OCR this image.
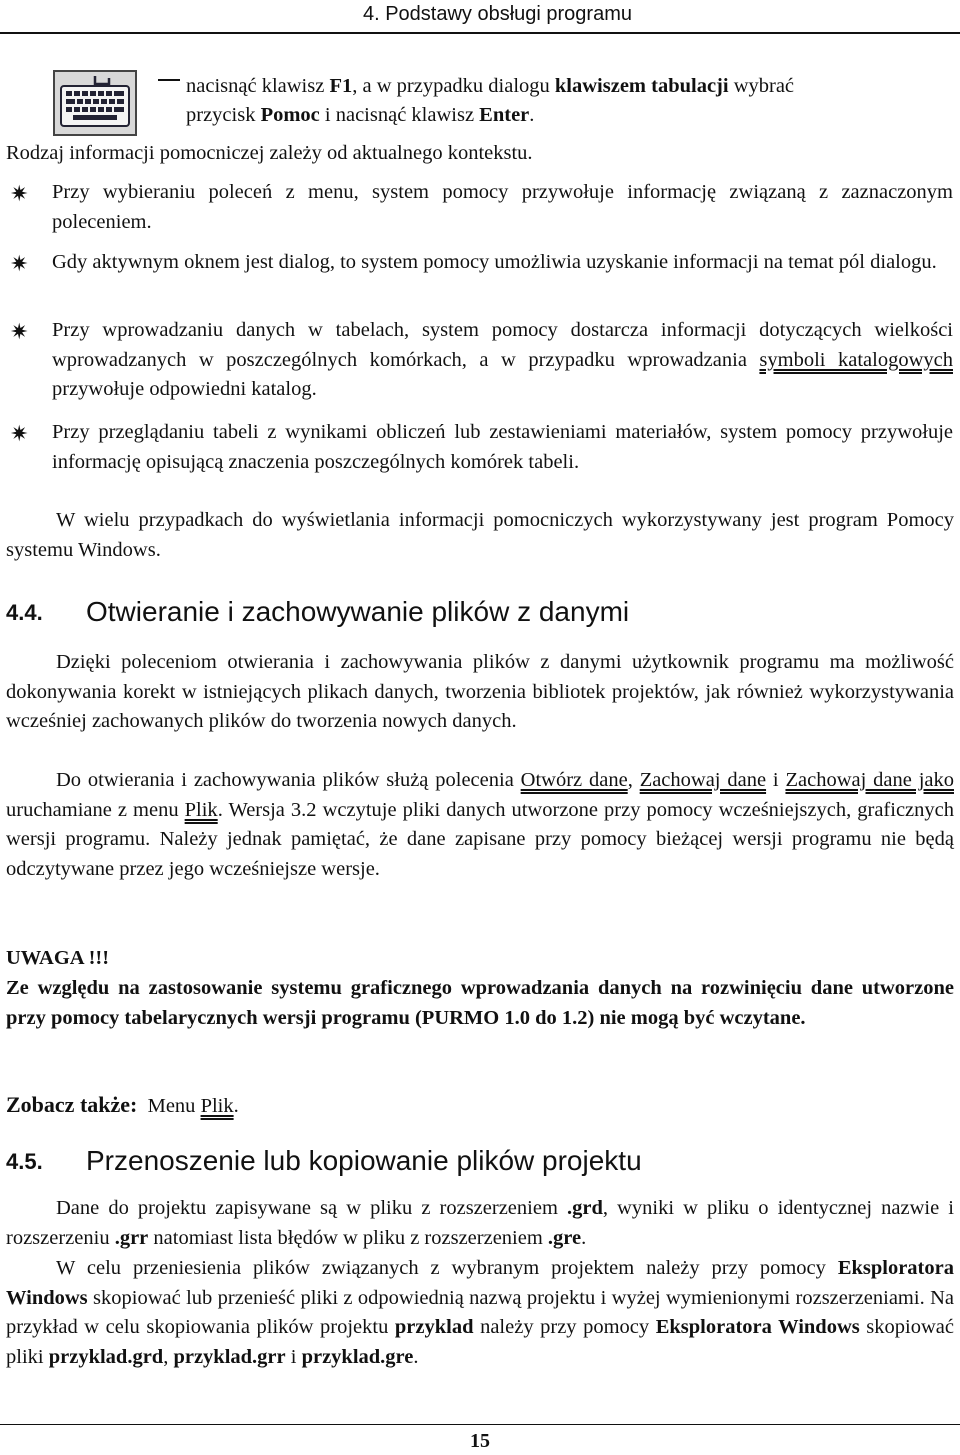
4. Podstawy obsługi programu
nacisnąć klawisz F1, a w przypadku dialogu klawiszem tabulacji wybrać
przycisk Pomoc i nacisnąć klawisz Enter.
Rodzaj informacji pomocniczej zależy od aktualnego kontekstu.
✷ Przy wybieraniu poleceń z menu, system pomocy przywołuje informację związaną z zaznaczonym poleceniem.
✷ Gdy aktywnym oknem jest dialog, to system pomocy umożliwia uzyskanie informacji na temat pól dialogu.
✷ Przy wprowadzaniu danych w tabelach, system pomocy dostarcza informacji dotyczących wielkości wprowadzanych w poszczególnych komórkach, a w przypadku wprowadzania symboli katalogowych przywołuje odpowiedni katalog.
✷ Przy przeglądaniu tabeli z wynikami obliczeń lub zestawieniami materiałów, system pomocy przywołuje informację opisującą znaczenia poszczególnych komórek tabeli.
W wielu przypadkach do wyświetlania informacji pomocniczych wykorzystywany jest program Pomocy systemu Windows.
4.4. Otwieranie i zachowywanie plików z danymi
Dzięki poleceniom otwierania i zachowywania plików z danymi użytkownik programu ma możliwość dokonywania korekt w istniejących plikach danych, tworzenia bibliotek projektów, jak również wykorzystywania wcześniej zachowanych plików do tworzenia nowych danych.
Do otwierania i zachowywania plików służą polecenia Otwórz dane, Zachowaj dane i Zachowaj dane jako uruchamiane z menu Plik. Wersja 3.2 wczytuje pliki danych utworzone przy pomocy wcześniejszych, graficznych wersji programu. Należy jednak pamiętać, że dane zapisane przy pomocy bieżącej wersji programu nie będą odczytywane przez jego wcześniejsze wersje.
UWAGA !!!
Ze względu na zastosowanie systemu graficznego wprowadzania danych na rozwinięciu dane utworzone przy pomocy tabelarycznych wersji programu (PURMO 1.0 do 1.2) nie mogą być wczytane.
Zobacz także: Menu Plik.
4.5. Przenoszenie lub kopiowanie plików projektu
Dane do projektu zapisywane są w pliku z rozszerzeniem .grd, wyniki w pliku o identycznej nazwie i rozszerzeniu .grr natomiast lista błędów w pliku z rozszerzeniem .gre.
W celu przeniesienia plików związanych z wybranym projektem należy przy pomocy Eksploratora Windows skopiować lub przenieść pliki z odpowiednią nazwą projektu i wyżej wymienionymi rozszerzeniami. Na przykład w celu skopiowania plików projektu przyklad należy przy pomocy Eksploratora Windows skopiować pliki przyklad.grd, przyklad.grr i przyklad.gre.
15
